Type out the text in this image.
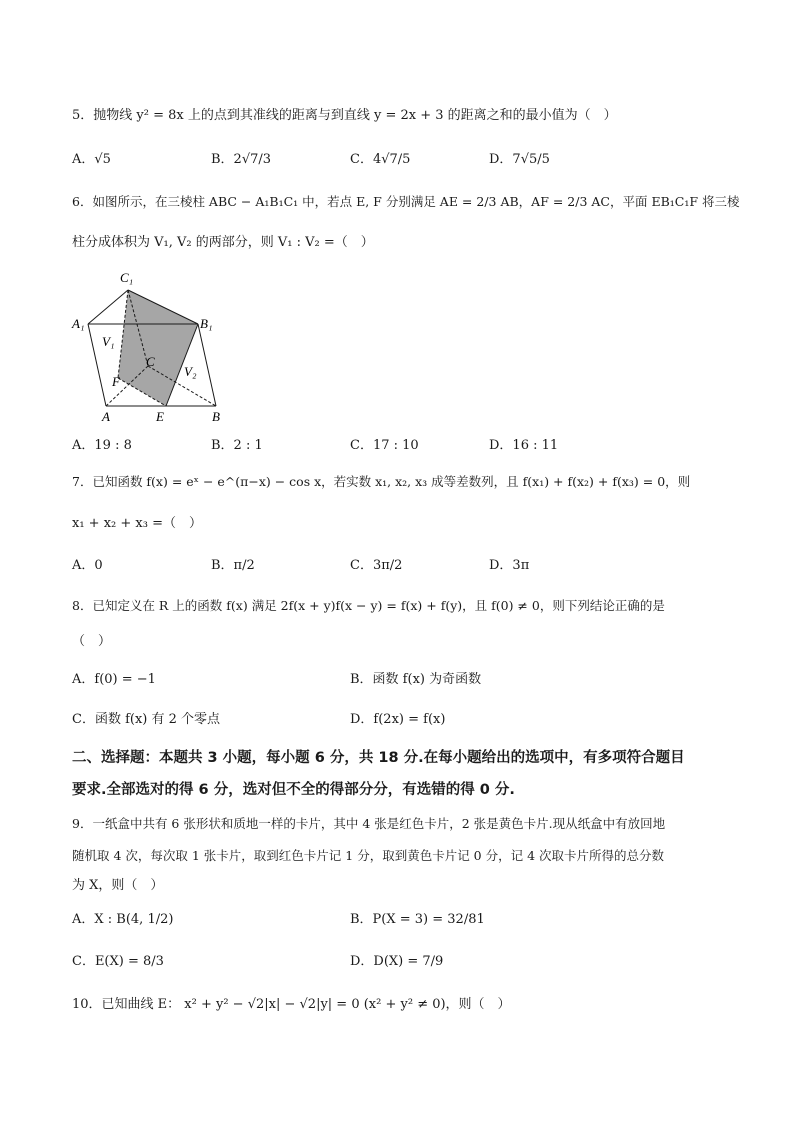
5．抛物线 y² = 8x 上的点到其准线的距离与到直线 y = 2x + 3 的距离之和的最小值为（　）
A．√5	B．2√7/3	C．4√7/5	D．7√5/5
6．如图所示，在三棱柱 ABC − A₁B₁C₁ 中，若点 E, F 分别满足 AE = 2/3 AB，AF = 2/3 AC，平面 EB₁C₁F 将三棱
柱分成体积为 V₁, V₂ 的两部分，则 V₁ : V₂ =（　）
C₁
A₁	B₁
V₁
C
V₂
F
A	E	B
A．19 : 8	B．2 : 1	C．17 : 10	D．16 : 11
7．已知函数 f(x) = eˣ − e^(π−x) − cos x，若实数 x₁, x₂, x₃ 成等差数列，且 f(x₁) + f(x₂) + f(x₃) = 0，则
x₁ + x₂ + x₃ =（　）
A．0	B．π/2	C．3π/2	D．3π
8．已知定义在 R 上的函数 f(x) 满足 2f(x + y)f(x − y) = f(x) + f(y)，且 f(0) ≠ 0，则下列结论正确的是
（　）
A．f(0) = −1	B．函数 f(x) 为奇函数
C．函数 f(x) 有 2 个零点	D．f(2x) = f(x)
二、选择题：本题共 3 小题，每小题 6 分，共 18 分.在每小题给出的选项中，有多项符合题目
要求.全部选对的得 6 分，选对但不全的得部分分，有选错的得 0 分.
9．一纸盒中共有 6 张形状和质地一样的卡片，其中 4 张是红色卡片，2 张是黄色卡片.现从纸盒中有放回地
随机取 4 次，每次取 1 张卡片，取到红色卡片记 1 分，取到黄色卡片记 0 分，记 4 次取卡片所得的总分数
为 X，则（　）
A．X : B(4, 1/2)	B．P(X = 3) = 32/81
C．E(X) = 8/3	D．D(X) = 7/9
10．已知曲线 E： x² + y² − √2|x| − √2|y| = 0 (x² + y² ≠ 0)，则（　）
